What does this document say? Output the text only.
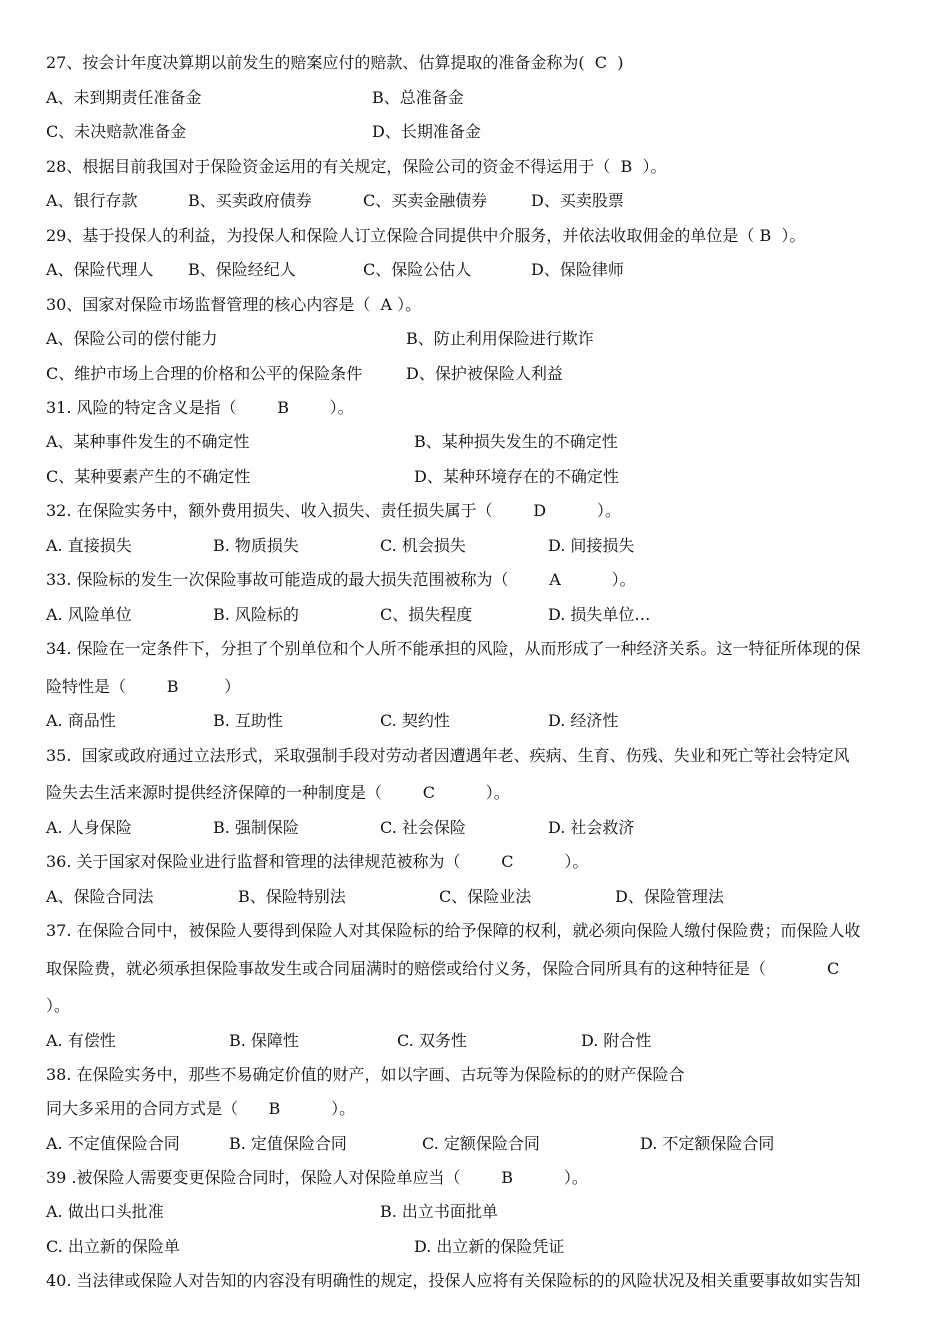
27、按会计年度决算期以前发生的赔案应付的赔款、估算提取的准备金称为(  C  )
A、未到期责任准备金	B、总准备金
C、未决赔款准备金	D、长期准备金
28、根据目前我国对于保险资金运用的有关规定，保险公司的资金不得运用于（  B  ）。
A、银行存款	B、买卖政府债券	C、买卖金融债券	D、买卖股票
29、基于投保人的利益，为投保人和保险人订立保险合同提供中介服务，并依法收取佣金的单位是（ B  ）。
A、保险代理人 B、保险经纪人	C、保险公估人	D、保险律师
30、国家对保险市场监督管理的核心内容是（  A ）。
A、保险公司的偿付能力	B、防止利用保险进行欺诈
C、维护市场上合理的价格和公平的保险条件	D、保护被保险人利益
31. 风险的特定含义是指（        B        ）。
A、某种事件发生的不确定性	B、某种损失发生的不确定性
C、某种要素产生的不确定性	D、某种环境存在的不确定性
32. 在保险实务中，额外费用损失、收入损失、责任损失属于（        D          ）。
A. 直接损失	B. 物质损失	C. 机会损失	D. 间接损失
33. 保险标的发生一次保险事故可能造成的最大损失范围被称为（        A          ）。
A. 风险单位	B. 风险标的	C、损失程度	D. 损失单位…
34. 保险在一定条件下，分担了个别单位和个人所不能承担的风险，从而形成了一种经济关系。这一特征所体现的保
险特性是（        B         ）
A. 商品性	B. 互助性	C. 契约性	D. 经济性
35.  国家或政府通过立法形式，采取强制手段对劳动者因遭遇年老、疾病、生育、伤残、失业和死亡等社会特定风
险失去生活来源时提供经济保障的一种制度是（        C          ）。
A. 人身保险	B. 强制保险	C. 社会保险	D. 社会救济
36. 关于国家对保险业进行监督和管理的法律规范被称为（        C          ）。
A、保险合同法	B、保险特别法	C、保险业法	D、保险管理法
37. 在保险合同中，被保险人要得到保险人对其保险标的给予保障的权利，就必须向保险人缴付保险费；而保险人收
取保险费，就必须承担保险事故发生或合同届满时的赔偿或给付义务，保险合同所具有的这种特征是（            C
）。
A. 有偿性	B. 保障性	C. 双务性	D. 附合性
38. 在保险实务中，那些不易确定价值的财产，如以字画、古玩等为保险标的的财产保险合
同大多采用的合同方式是（      B          ）。
A. 不定值保险合同	B. 定值保险合同	C. 定额保险合同	D. 不定额保险合同
39 .被保险人需要变更保险合同时，保险人对保险单应当（        B          ）。
A. 做出口头批准	B. 出立书面批单
C. 出立新的保险单	D. 出立新的保险凭证
40. 当法律或保险人对告知的内容没有明确性的规定，投保人应将有关保险标的的风险状况及相关重要事故如实告知
